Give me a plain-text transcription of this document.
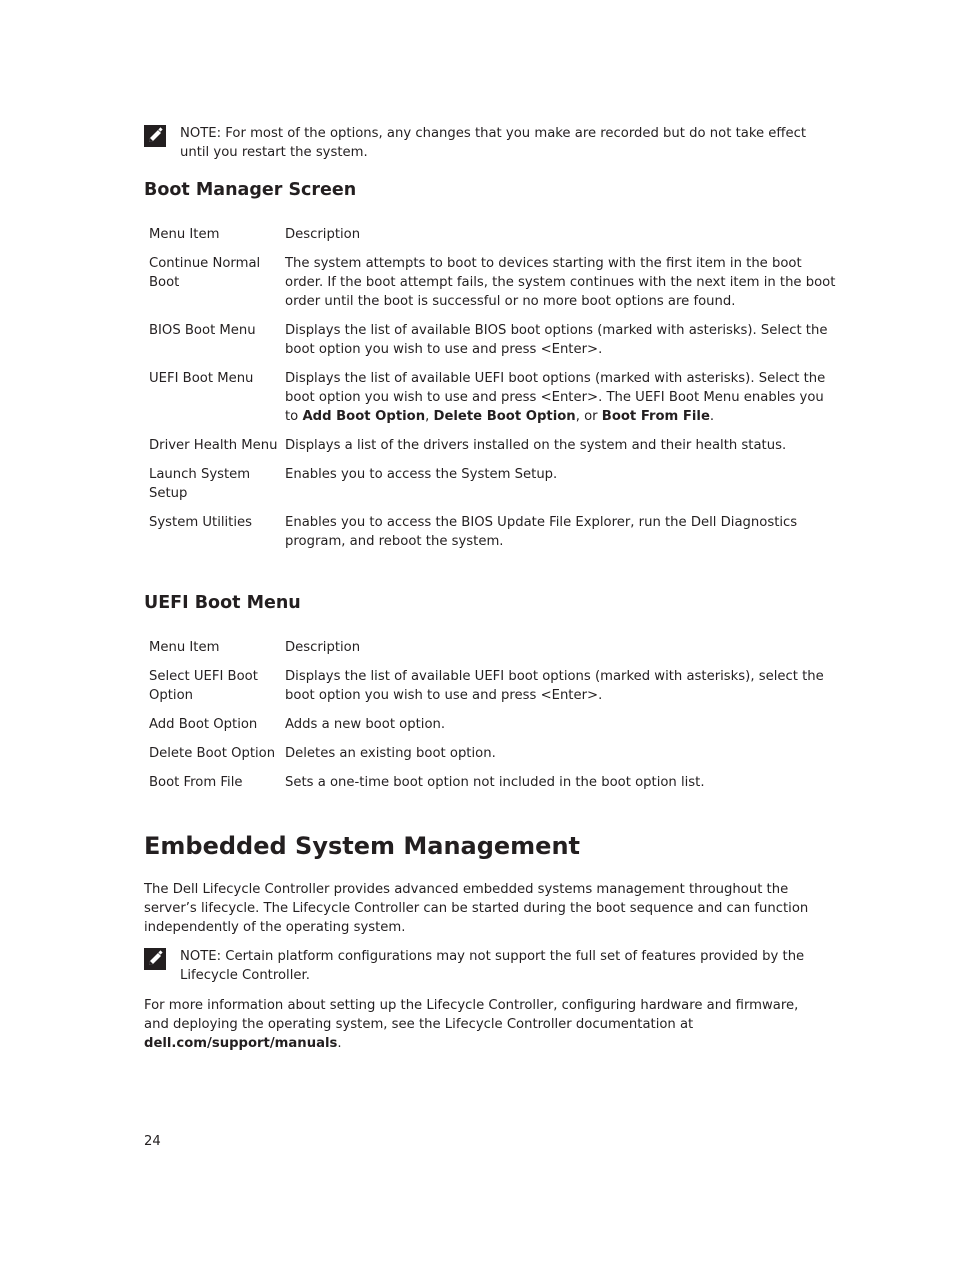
NOTE: For most of the options, any changes that you make are recorded but do not take effect until you restart the system.
Boot Manager Screen
Menu Item	Description
Continue Normal Boot	The system attempts to boot to devices starting with the first item in the boot order. If the boot attempt fails, the system continues with the next item in the boot order until the boot is successful or no more boot options are found.
BIOS Boot Menu	Displays the list of available BIOS boot options (marked with asterisks). Select the boot option you wish to use and press <Enter>.
UEFI Boot Menu	Displays the list of available UEFI boot options (marked with asterisks). Select the boot option you wish to use and press <Enter>. The UEFI Boot Menu enables you to Add Boot Option, Delete Boot Option, or Boot From File.
Driver Health Menu	Displays a list of the drivers installed on the system and their health status.
Launch System Setup	Enables you to access the System Setup.
System Utilities	Enables you to access the BIOS Update File Explorer, run the Dell Diagnostics program, and reboot the system.
UEFI Boot Menu
Menu Item	Description
Select UEFI Boot Option	Displays the list of available UEFI boot options (marked with asterisks), select the boot option you wish to use and press <Enter>.
Add Boot Option	Adds a new boot option.
Delete Boot Option	Deletes an existing boot option.
Boot From File	Sets a one-time boot option not included in the boot option list.
Embedded System Management
The Dell Lifecycle Controller provides advanced embedded systems management throughout the server’s lifecycle. The Lifecycle Controller can be started during the boot sequence and can function independently of the operating system.
NOTE: Certain platform configurations may not support the full set of features provided by the Lifecycle Controller.
For more information about setting up the Lifecycle Controller, configuring hardware and firmware, and deploying the operating system, see the Lifecycle Controller documentation at dell.com/support/manuals.
24
